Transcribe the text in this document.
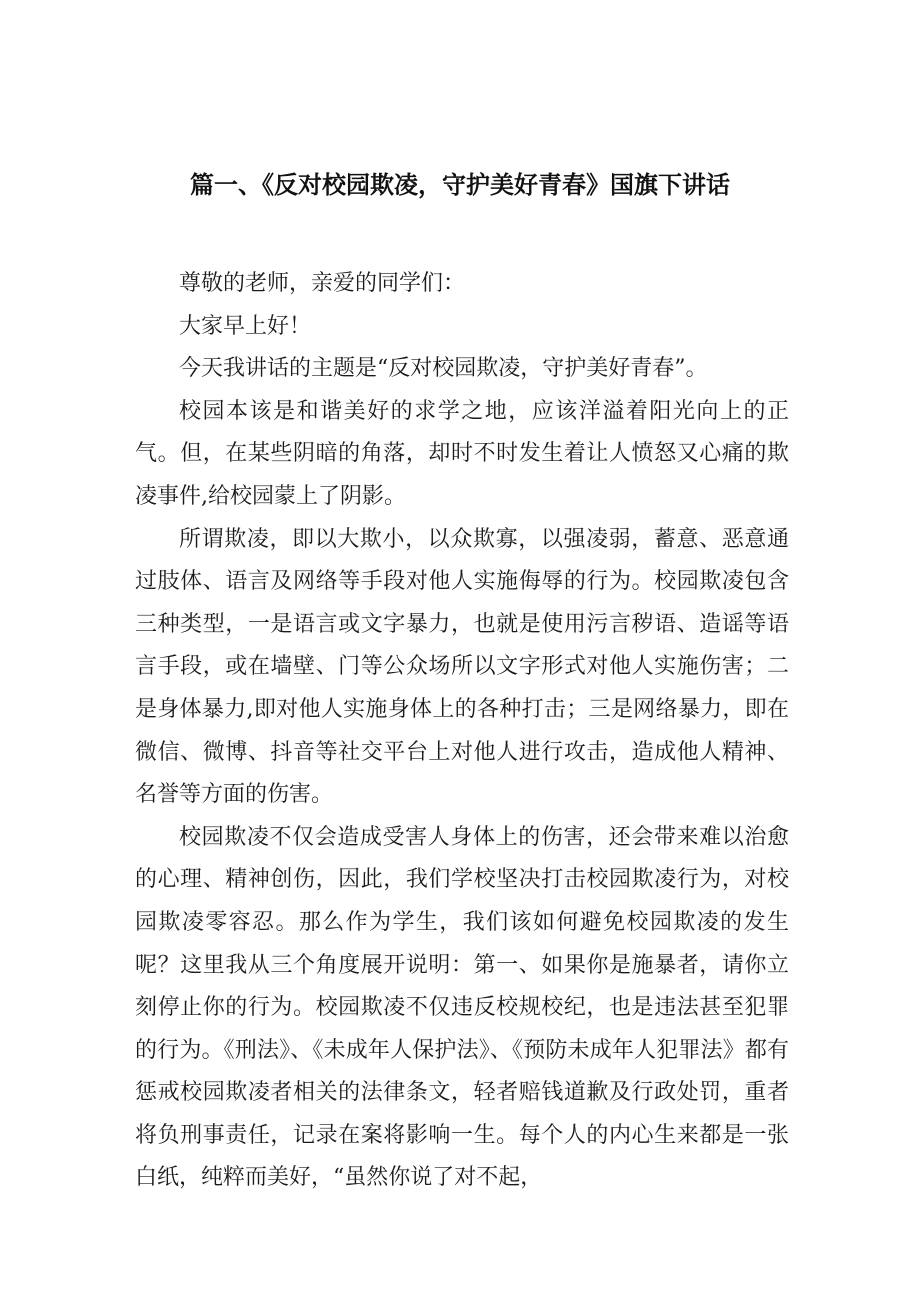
篇一、《反对校园欺凌，守护美好青春》国旗下讲话

尊敬的老师，亲爱的同学们：

大家早上好！

今天我讲话的主题是“反对校园欺凌，守护美好青春”。

校园本该是和谐美好的求学之地，应该洋溢着阳光向上的正气。但，在某些阴暗的角落，却时不时发生着让人愤怒又心痛的欺凌事件,给校园蒙上了阴影。

所谓欺凌，即以大欺小，以众欺寡，以强凌弱，蓄意、恶意通过肢体、语言及网络等手段对他人实施侮辱的行为。校园欺凌包含三种类型，一是语言或文字暴力，也就是使用污言秽语、造谣等语言手段，或在墙壁、门等公众场所以文字形式对他人实施伤害；二是身体暴力,即对他人实施身体上的各种打击；三是网络暴力，即在微信、微博、抖音等社交平台上对他人进行攻击，造成他人精神、名誉等方面的伤害。

校园欺凌不仅会造成受害人身体上的伤害，还会带来难以治愈的心理、精神创伤，因此，我们学校坚决打击校园欺凌行为，对校园欺凌零容忍。那么作为学生，我们该如何避免校园欺凌的发生呢？这里我从三个角度展开说明：第一、如果你是施暴者，请你立刻停止你的行为。校园欺凌不仅违反校规校纪，也是违法甚至犯罪的行为。《刑法》、《未成年人保护法》、《预防未成年人犯罪法》都有惩戒校园欺凌者相关的法律条文，轻者赔钱道歉及行政处罚，重者将负刑事责任，记录在案将影响一生。每个人的内心生来都是一张白纸，纯粹而美好，“虽然你说了对不起，
